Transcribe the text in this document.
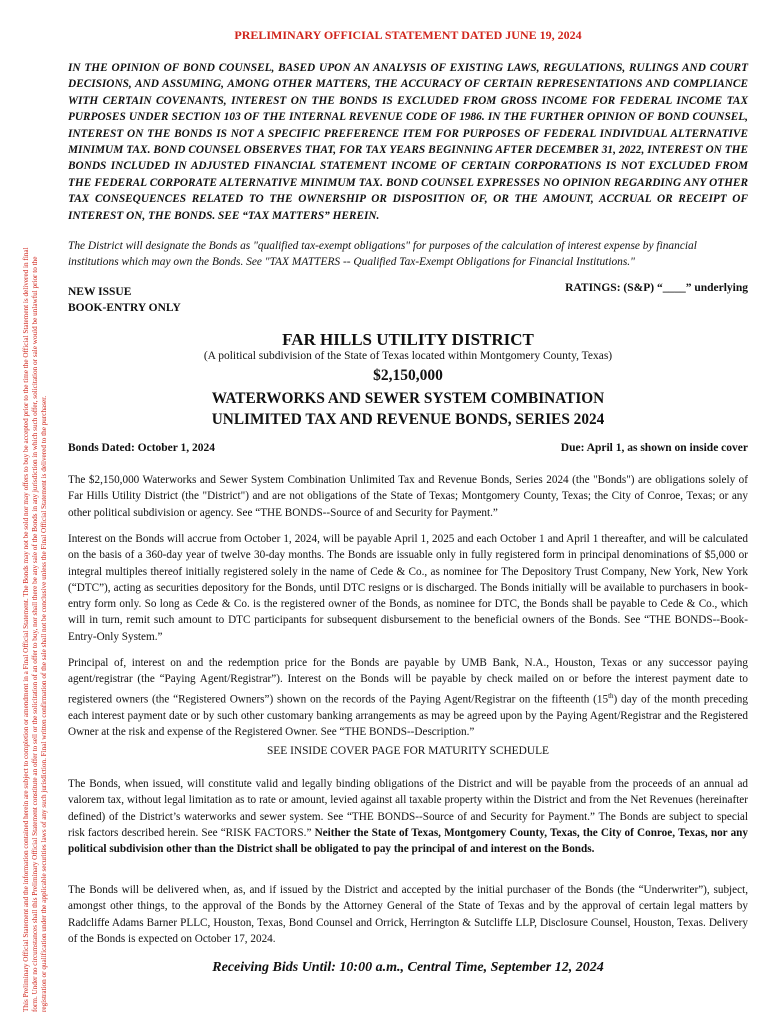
This Preliminary Official Statement and the information contained herein are subject to completion or amendment in a Final Official Statement. The Bonds may not be sold nor may offers to buy be accepted prior to the time the Official Statement is delivered in final form. Under no circumstances shall this Preliminary Official Statement constitute an offer to sell or the solicitation of an offer to buy, nor shall there be any sale of the Bonds in any jurisdiction in which such offer, solicitation or sale would be unlawful prior to the registration or qualification under the applicable securities laws of any such jurisdiction. Final written confirmation of the sale shall not be conclusive unless the Final Official Statement is delivered to the purchaser.
PRELIMINARY OFFICIAL STATEMENT DATED JUNE 19, 2024

IN THE OPINION OF BOND COUNSEL, BASED UPON AN ANALYSIS OF EXISTING LAWS, REGULATIONS, RULINGS AND COURT DECISIONS, AND ASSUMING, AMONG OTHER MATTERS, THE ACCURACY OF CERTAIN REPRESENTATIONS AND COMPLIANCE WITH CERTAIN COVENANTS, INTEREST ON THE BONDS IS EXCLUDED FROM GROSS INCOME FOR FEDERAL INCOME TAX PURPOSES UNDER SECTION 103 OF THE INTERNAL REVENUE CODE OF 1986. IN THE FURTHER OPINION OF BOND COUNSEL, INTEREST ON THE BONDS IS NOT A SPECIFIC PREFERENCE ITEM FOR PURPOSES OF FEDERAL INDIVIDUAL ALTERNATIVE MINIMUM TAX. BOND COUNSEL OBSERVES THAT, FOR TAX YEARS BEGINNING AFTER DECEMBER 31, 2022, INTEREST ON THE BONDS INCLUDED IN ADJUSTED FINANCIAL STATEMENT INCOME OF CERTAIN CORPORATIONS IS NOT EXCLUDED FROM THE FEDERAL CORPORATE ALTERNATIVE MINIMUM TAX. BOND COUNSEL EXPRESSES NO OPINION REGARDING ANY OTHER TAX CONSEQUENCES RELATED TO THE OWNERSHIP OR DISPOSITION OF, OR THE AMOUNT, ACCRUAL OR RECEIPT OF INTEREST ON, THE BONDS. SEE “TAX MATTERS” HEREIN.

The District will designate the Bonds as "qualified tax-exempt obligations" for purposes of the calculation of interest expense by financial institutions which may own the Bonds. See "TAX MATTERS -- Qualified Tax-Exempt Obligations for Financial Institutions."

NEW ISSUE
BOOK-ENTRY ONLY
RATINGS: (S&P) “____” underlying
FAR HILLS UTILITY DISTRICT
(A political subdivision of the State of Texas located within Montgomery County, Texas)
$2,150,000
WATERWORKS AND SEWER SYSTEM COMBINATION
UNLIMITED TAX AND REVENUE BONDS, SERIES 2024
Bonds Dated: October 1, 2024	Due: April 1, as shown on inside cover

The $2,150,000 Waterworks and Sewer System Combination Unlimited Tax and Revenue Bonds, Series 2024 (the "Bonds") are obligations solely of Far Hills Utility District (the "District") and are not obligations of the State of Texas; Montgomery County, Texas; the City of Conroe, Texas; or any other political subdivision or agency. See “THE BONDS--Source of and Security for Payment.”

Interest on the Bonds will accrue from October 1, 2024, will be payable April 1, 2025 and each October 1 and April 1 thereafter, and will be calculated on the basis of a 360-day year of twelve 30-day months. The Bonds are issuable only in fully registered form in principal denominations of $5,000 or integral multiples thereof initially registered solely in the name of Cede & Co., as nominee for The Depository Trust Company, New York, New York (“DTC”), acting as securities depository for the Bonds, until DTC resigns or is discharged. The Bonds initially will be available to purchasers in book-entry form only. So long as Cede & Co. is the registered owner of the Bonds, as nominee for DTC, the Bonds shall be payable to Cede & Co., which will in turn, remit such amount to DTC participants for subsequent disbursement to the beneficial owners of the Bonds. See “THE BONDS--Book-Entry-Only System.”

Principal of, interest on and the redemption price for the Bonds are payable by UMB Bank, N.A., Houston, Texas or any successor paying agent/registrar (the “Paying Agent/Registrar”). Interest on the Bonds will be payable by check mailed on or before the interest payment date to registered owners (the “Registered Owners”) shown on the records of the Paying Agent/Registrar on the fifteenth (15th) day of the month preceding each interest payment date or by such other customary banking arrangements as may be agreed upon by the Paying Agent/Registrar and the Registered Owner at the risk and expense of the Registered Owner. See “THE BONDS--Description.”

SEE INSIDE COVER PAGE FOR MATURITY SCHEDULE

The Bonds, when issued, will constitute valid and legally binding obligations of the District and will be payable from the proceeds of an annual ad valorem tax, without legal limitation as to rate or amount, levied against all taxable property within the District and from the Net Revenues (hereinafter defined) of the District’s waterworks and sewer system. See “THE BONDS--Source of and Security for Payment.” The Bonds are subject to special risk factors described herein. See “RISK FACTORS.” Neither the State of Texas, Montgomery County, Texas, the City of Conroe, Texas, nor any political subdivision other than the District shall be obligated to pay the principal of and interest on the Bonds.

The Bonds will be delivered when, as, and if issued by the District and accepted by the initial purchaser of the Bonds (the “Underwriter”), subject, amongst other things, to the approval of the Bonds by the Attorney General of the State of Texas and by the approval of certain legal matters by Radcliffe Adams Barner PLLC, Houston, Texas, Bond Counsel and Orrick, Herrington & Sutcliffe LLP, Disclosure Counsel, Houston, Texas. Delivery of the Bonds is expected on October 17, 2024.

Receiving Bids Until: 10:00 a.m., Central Time, September 12, 2024
